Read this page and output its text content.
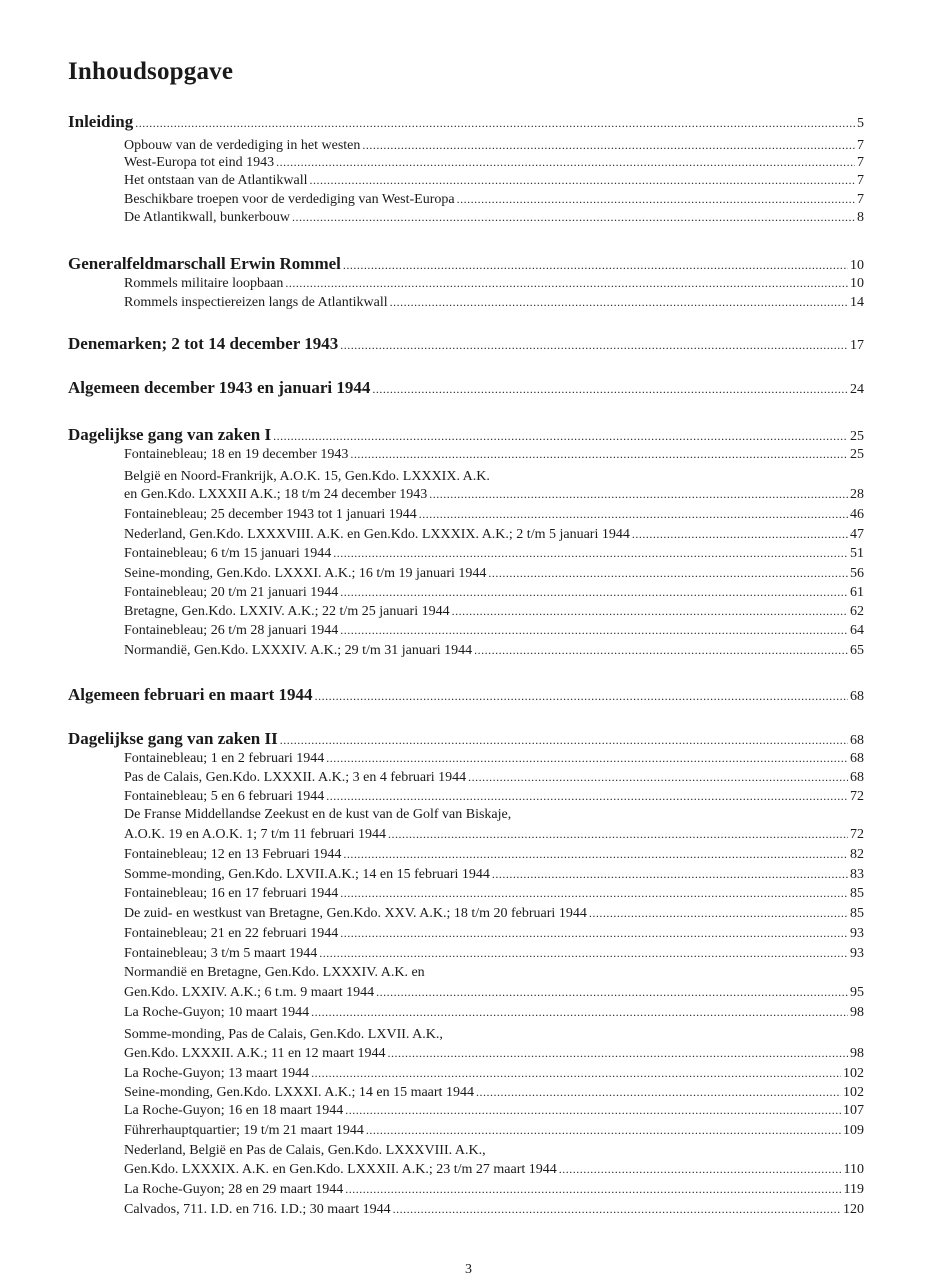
Inhoudsopgave
Inleiding .....	5
Opbouw van de verdediging in het westen .....	7
West-Europa tot eind 1943 .....	7
Het ontstaan van de Atlantikwall .....	7
Beschikbare troepen voor de verdediging van West-Europa .....	7
De Atlantikwall, bunkerbouw .....	8
Generalfeldmarschall Erwin Rommel .....	10
Rommels militaire loopbaan .....	10
Rommels inspectiereizen langs de Atlantikwall .....	14
Denemarken; 2 tot 14 december 1943 .....	17
Algemeen december 1943 en januari 1944 .....	24
Dagelijkse gang van zaken I .....	25
Fontainebleau; 18 en 19 december 1943 .....	25
België en Noord-Frankrijk, A.O.K. 15, Gen.Kdo. LXXXIX. A.K.
en Gen.Kdo. LXXXII A.K.; 18 t/m 24 december 1943 .....	28
Fontainebleau; 25 december 1943 tot 1 januari 1944 .....	46
Nederland, Gen.Kdo. LXXXVIII. A.K. en Gen.Kdo. LXXXIX. A.K.; 2 t/m 5 januari 1944 .....	47
Fontainebleau; 6 t/m 15 januari 1944 .....	51
Seine-monding, Gen.Kdo. LXXXI. A.K.; 16 t/m 19 januari 1944 .....	56
Fontainebleau; 20 t/m 21 januari 1944 .....	61
Bretagne, Gen.Kdo. LXXIV. A.K.; 22 t/m 25 januari 1944 .....	62
Fontainebleau; 26 t/m 28 januari 1944 .....	64
Normandië, Gen.Kdo. LXXXIV. A.K.; 29 t/m 31 januari 1944 .....	65
Algemeen februari en maart 1944 .....	68
Dagelijkse gang van zaken II .....	68
Fontainebleau; 1 en 2 februari 1944 .....	68
Pas de Calais, Gen.Kdo. LXXXII. A.K.; 3 en 4 februari 1944 .....	68
Fontainebleau; 5 en 6 februari 1944 .....	72
De Franse Middellandse Zeekust en de kust van de Golf van Biskaje,
A.O.K. 19 en A.O.K. 1; 7 t/m 11 februari 1944 .....	72
Fontainebleau; 12 en 13 Februari 1944 .....	82
Somme-monding, Gen.Kdo. LXVII.A.K.; 14 en 15 februari 1944 .....	83
Fontainebleau; 16 en 17 februari 1944 .....	85
De zuid- en westkust van Bretagne, Gen.Kdo. XXV. A.K.; 18 t/m 20 februari 1944 .....	85
Fontainebleau; 21 en 22 februari 1944 .....	93
Fontainebleau; 3 t/m 5 maart 1944 .....	93
Normandië en Bretagne, Gen.Kdo. LXXXIV. A.K. en
Gen.Kdo. LXXIV. A.K.; 6 t.m. 9 maart 1944 .....	95
La Roche-Guyon; 10 maart 1944 .....	98
Somme-monding, Pas de Calais, Gen.Kdo. LXVII. A.K.,
Gen.Kdo. LXXXII. A.K.; 11 en 12 maart 1944 .....	98
La Roche-Guyon; 13 maart 1944 .....	102
Seine-monding, Gen.Kdo. LXXXI. A.K.; 14 en 15 maart 1944 .....	102
La Roche-Guyon; 16 en 18 maart 1944 .....	107
Führerhauptquartier; 19 t/m 21 maart 1944 .....	109
Nederland, België en Pas de Calais, Gen.Kdo. LXXXVIII. A.K.,
Gen.Kdo. LXXXIX. A.K. en Gen.Kdo. LXXXII. A.K.; 23 t/m 27 maart 1944 .....	110
La Roche-Guyon; 28 en 29 maart 1944 .....	119
Calvados, 711. I.D. en 716. I.D.; 30 maart 1944 .....	120
3
